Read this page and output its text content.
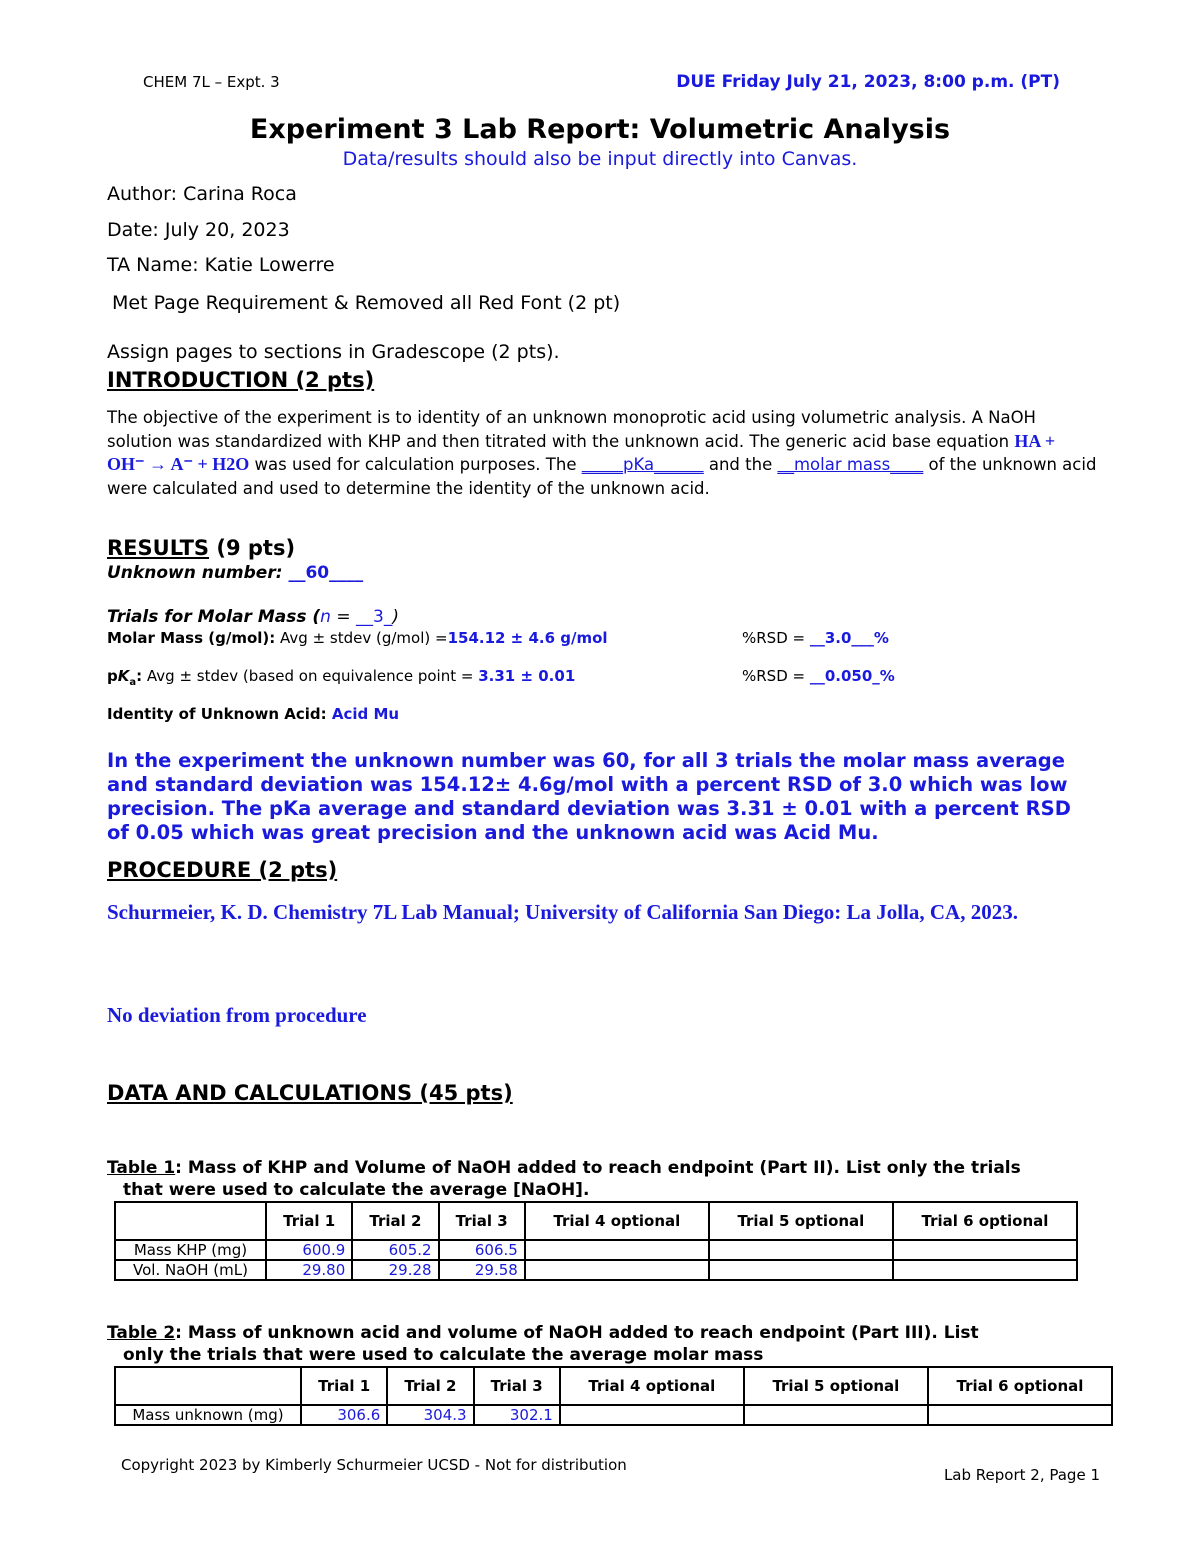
CHEM 7L – Expt. 3	DUE Friday July 21, 2023, 8:00 p.m. (PT)
Experiment 3 Lab Report: Volumetric Analysis
Data/results should also be input directly into Canvas.
Author: Carina Roca
Date: July 20, 2023
TA Name: Katie Lowerre
Met Page Requirement & Removed all Red Font (2 pt)
Assign pages to sections in Gradescope (2 pts).
INTRODUCTION (2 pts)
The objective of the experiment is to identity of an unknown monoprotic acid using volumetric analysis. A NaOH solution was standardized with KHP and then titrated with the unknown acid. The generic acid base equation HA + OH⁻ → A⁻ + H2O was used for calculation purposes. The _____pKa______ and the __molar mass____ of the unknown acid were calculated and used to determine the identity of the unknown acid.
RESULTS (9 pts)
Unknown number: __60____
Trials for Molar Mass (n = __3_)
Molar Mass (g/mol): Avg ± stdev (g/mol) =154.12 ± 4.6 g/mol	%RSD = __3.0___%
$pK_a$: Avg ± stdev (based on equivalence point = 3.31 ± 0.01	%RSD = __0.050_%
Identity of Unknown Acid: Acid Mu
In the experiment the unknown number was 60, for all 3 trials the molar mass average and standard deviation was 154.12± 4.6g/mol with a percent RSD of 3.0 which was low precision. The pKa average and standard deviation was 3.31 ± 0.01 with a percent RSD of 0.05 which was great precision and the unknown acid was Acid Mu.
PROCEDURE (2 pts)
Schurmeier, K. D. Chemistry 7L Lab Manual; University of California San Diego: La Jolla, CA, 2023.
No deviation from procedure
DATA AND CALCULATIONS (45 pts)
Table 1: Mass of KHP and Volume of NaOH added to reach endpoint (Part II). List only the trials
that were used to calculate the average [NaOH].
	Trial 1	Trial 2	Trial 3	Trial 4 optional	Trial 5 optional	Trial 6 optional
Mass KHP (mg)	600.9	605.2	606.5			
Vol. NaOH (mL)	29.80	29.28	29.58			
Table 2: Mass of unknown acid and volume of NaOH added to reach endpoint (Part III). List
only the trials that were used to calculate the average molar mass
	Trial 1	Trial 2	Trial 3	Trial 4 optional	Trial 5 optional	Trial 6 optional
Mass unknown (mg)	306.6	304.3	302.1			
Copyright 2023 by Kimberly Schurmeier UCSD - Not for distribution
Lab Report 2, Page 1
